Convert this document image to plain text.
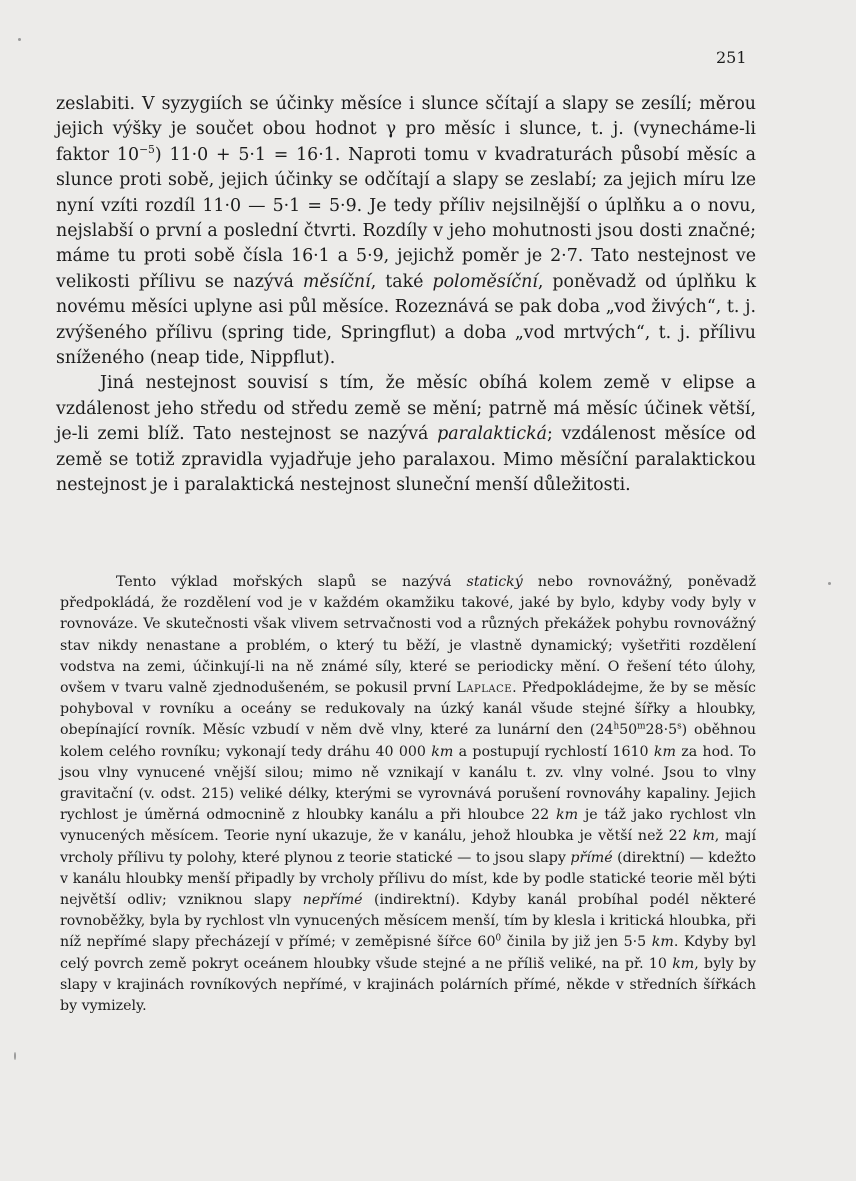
251

zeslabiti. V syzygiích se účinky měsíce i slunce sčítají a slapy se zesílí; měrou jejich výšky je součet obou hodnot γ pro měsíc i slunce, t. j. (vynecháme-li faktor $10^{-5}$) 11·0 + 5·1 = 16·1. Naproti tomu v kvadraturách působí měsíc a slunce proti sobě, jejich účinky se odčítají a slapy se zeslabí; za jejich míru lze nyní vzíti rozdíl 11·0 — 5·1 = 5·9. Je tedy příliv nejsilnější o úplňku a o novu, nejslabší o první a poslední čtvrti. Rozdíly v jeho mohutnosti jsou dosti značné; máme tu proti sobě čísla 16·1 a 5·9, jejichž poměr je 2·7. Tato nestejnost ve velikosti přílivu se nazývá měsíční, také poloměsíční, poněvadž od úplňku k novému měsíci uplyne asi půl měsíce. Rozeznává se pak doba „vod živých“, t. j. zvýšeného přílivu (spring tide, Springflut) a doba „vod mrtvých“, t. j. přílivu sníženého (neap tide, Nippflut).

Jiná nestejnost souvisí s tím, že měsíc obíhá kolem země v elipse a vzdálenost jeho středu od středu země se mění; patrně má měsíc účinek větší, je-li zemi blíž. Tato nestejnost se nazývá paralaktická; vzdálenost měsíce od země se totiž zpravidla vyjadřuje jeho paralaxou. Mimo měsíční paralaktickou nestejnost je i paralaktická nestejnost sluneční menší důležitosti.

Tento výklad mořských slapů se nazývá statický nebo rovnovážný, poněvadž předpokládá, že rozdělení vod je v každém okamžiku takové, jaké by bylo, kdyby vody byly v rovnováze. Ve skutečnosti však vlivem setrvačnosti vod a různých překážek pohybu rovnovážný stav nikdy nenastane a problém, o který tu běží, je vlastně dynamický; vyšetřiti rozdělení vodstva na zemi, účinkují-li na ně známé síly, které se periodicky mění. O řešení této úlohy, ovšem v tvaru valně zjednodušeném, se pokusil první Laplace. Předpokládejme, že by se měsíc pohyboval v rovníku a oceány se redukovaly na úzký kanál všude stejné šířky a hloubky, obepínající rovník. Měsíc vzbudí v něm dvě vlny, které za lunární den $(24^h50^m28\cdot 5^s)$ oběhnou kolem celého rovníku; vykonají tedy dráhu 40 000 km a postupují rychlostí 1610 km za hod. To jsou vlny vynucené vnější silou; mimo ně vznikají v kanálu t. zv. vlny volné. Jsou to vlny gravitační (v. odst. 215) veliké délky, kterými se vyrovnává porušení rovnováhy kapaliny. Jejich rychlost je úměrná odmocnině z hloubky kanálu a při hloubce 22 km je táž jako rychlost vln vynucených měsícem. Teorie nyní ukazuje, že v kanálu, jehož hloubka je větší než 22 km, mají vrcholy přílivu ty polohy, které plynou z teorie statické — to jsou slapy přímé (direktní) — kdežto v kanálu hloubky menší připadly by vrcholy přílivu do míst, kde by podle statické teorie měl býti největší odliv; vzniknou slapy nepřímé (indirektní). Kdyby kanál probíhal podél některé rovnoběžky, byla by rychlost vln vynucených měsícem menší, tím by klesla i kritická hloubka, při níž nepřímé slapy přecházejí v přímé; v zeměpisné šířce $60^0$ činila by již jen 5·5 km. Kdyby byl celý povrch země pokryt oceánem hloubky všude stejné a ne příliš veliké, na př. 10 km, byly by slapy v krajinách rovníkových nepřímé, v krajinách polárních přímé, někde v středních šířkách by vymizely.
